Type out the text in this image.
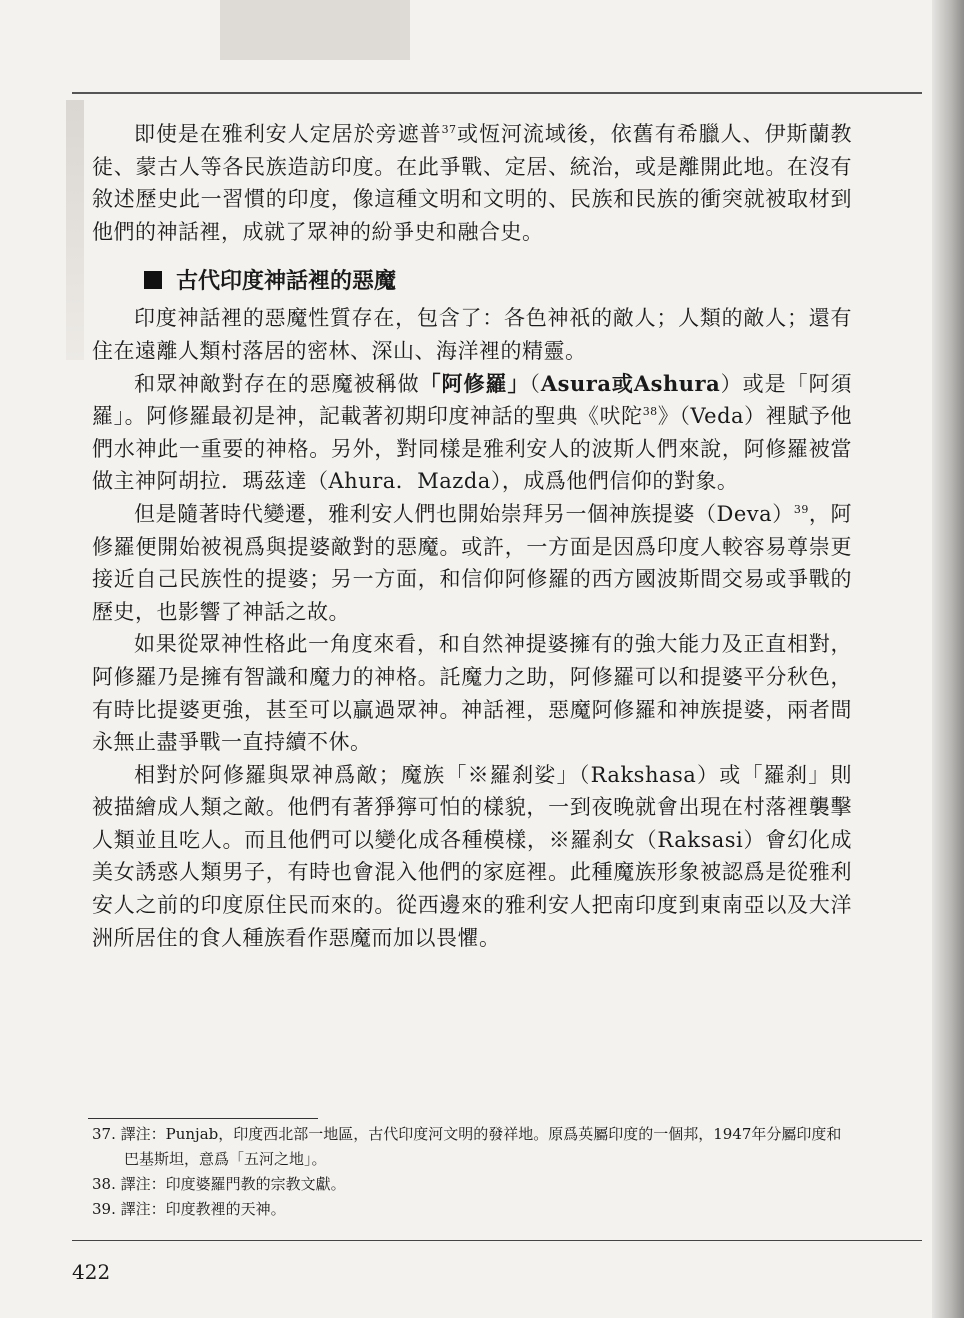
即使是在雅利安人定居於旁遮普$^{37}$或恆河流域後，依舊有希臘人、伊斯蘭教徒、蒙古人等各民族造訪印度。在此爭戰、定居、統治，或是離開此地。在沒有敘述歷史此一習慣的印度，像這種文明和文明的、民族和民族的衝突就被取材到他們的神話裡，成就了眾神的紛爭史和融合史。

古代印度神話裡的惡魔

印度神話裡的惡魔性質存在，包含了：各色神祇的敵人；人類的敵人；還有住在遠離人類村落居的密林、深山、海洋裡的精靈。

和眾神敵對存在的惡魔被稱做「阿修羅」（Asura或Ashura）或是「阿須羅」。阿修羅最初是神，記載著初期印度神話的聖典《吠陀$^{38}$》（Veda）裡賦予他們水神此一重要的神格。另外，對同樣是雅利安人的波斯人們來說，阿修羅被當做主神阿胡拉．瑪茲達（Ahura．Mazda），成爲他們信仰的對象。

但是隨著時代變遷，雅利安人們也開始崇拜另一個神族提婆（Deva）$^{39}$，阿修羅便開始被視爲與提婆敵對的惡魔。或許，一方面是因爲印度人較容易尊崇更接近自己民族性的提婆；另一方面，和信仰阿修羅的西方國波斯間交易或爭戰的歷史，也影響了神話之故。

如果從眾神性格此一角度來看，和自然神提婆擁有的強大能力及正直相對，阿修羅乃是擁有智識和魔力的神格。託魔力之助，阿修羅可以和提婆平分秋色，有時比提婆更強，甚至可以贏過眾神。神話裡，惡魔阿修羅和神族提婆，兩者間永無止盡爭戰一直持續不休。

相對於阿修羅與眾神爲敵；魔族「※羅刹娑」（Rakshasa）或「羅刹」則被描繪成人類之敵。他們有著猙獰可怕的樣貌，一到夜晚就會出現在村落裡襲擊人類並且吃人。而且他們可以變化成各種模樣，※羅刹女（Raksasi）會幻化成美女誘惑人類男子，有時也會混入他們的家庭裡。此種魔族形象被認爲是從雅利安人之前的印度原住民而來的。從西邊來的雅利安人把南印度到東南亞以及大洋洲所居住的食人種族看作惡魔而加以畏懼。

37. 譯注：Punjab，印度西北部一地區，古代印度河文明的發祥地。原爲英屬印度的一個邦，1947年分屬印度和巴基斯坦，意爲「五河之地」。

38. 譯注：印度婆羅門教的宗教文獻。

39. 譯注：印度教裡的天神。

422
